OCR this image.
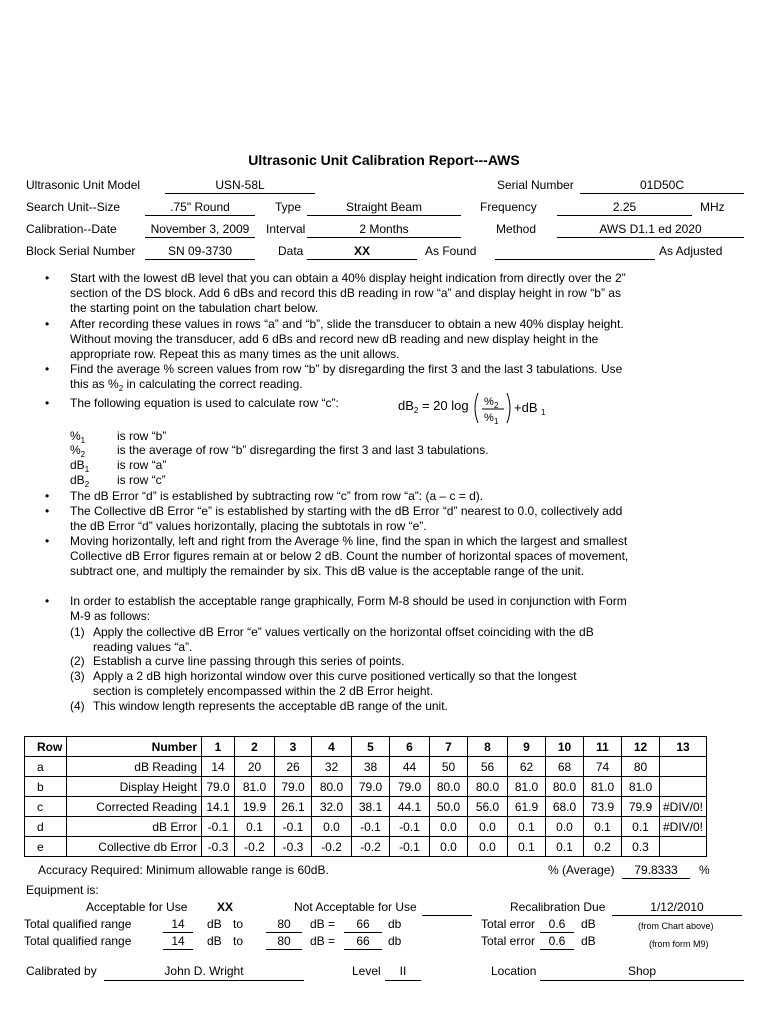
Ultrasonic Unit Calibration Report---AWS
Ultrasonic Unit Model	USN-58L	Serial Number	01D50C
Search Unit--Size	.75" Round	Type	Straight Beam	Frequency	2.25	MHz
Calibration--Date	November 3, 2009	Interval	2 Months	Method	AWS D1.1 ed 2020
Block Serial Number	SN 09-3730	Data	XX	As Found	As Adjusted
• Start with the lowest dB level that you can obtain a 40% display height indication from directly over the 2” section of the DS block. Add 6 dBs and record this dB reading in row “a” and display height in row “b” as the starting point on the tabulation chart below.
• After recording these values in rows “a” and “b”, slide the transducer to obtain a new 40% display height. Without moving the transducer, add 6 dBs and record new dB reading and new display height in the appropriate row. Repeat this as many times as the unit allows.
• Find the average % screen values from row “b” by disregarding the first 3 and the last 3 tabulations. Use this as $\%_2$ in calculating the correct reading.
• The following equation is used to calculate row “c”:	$dB_2 = 20$ log % 2
% 1
+dB 1
$\%_1$	is row “b”
$\%_2$	is the average of row “b” disregarding the first 3 and last 3 tabulations.
$dB_1$ is row “a”
$dB_2$ is row “c”
• The dB Error “d” is established by subtracting row “c” from row “a”: (a – c = d).
• The Collective dB Error “e” is established by starting with the dB Error “d” nearest to 0.0, collectively add the dB Error “d” values horizontally, placing the subtotals in row “e”.
• Moving horizontally, left and right from the Average % line, find the span in which the largest and smallest Collective dB Error figures remain at or below 2 dB. Count the number of horizontal spaces of movement, subtract one, and multiply the remainder by six. This dB value is the acceptable range of the unit.
• In order to establish the acceptable range graphically, Form M-8 should be used in conjunction with Form M-9 as follows:
(1) Apply the collective dB Error “e” values vertically on the horizontal offset coinciding with the dB reading values “a”.
(2) Establish a curve line passing through this series of points.
(3) Apply a 2 dB high horizontal window over this curve positioned vertically so that the longest section is completely encompassed within the 2 dB Error height.
(4) This window length represents the acceptable dB range of the unit.
Row	Number	1	2	3	4	5	6	7	8	9	10	11	12	13
a	dB Reading	14	20	26	32	38	44	50	56	62	68	74	80	
b	Display Height	79.0	81.0	79.0	80.0	79.0	79.0	80.0	80.0	81.0	80.0	81.0	81.0	
c	Corrected Reading	14.1	19.9	26.1	32.0	38.1	44.1	50.0	56.0	61.9	68.0	73.9	79.9	#DIV/0!
d	dB Error	-0.1	0.1	-0.1	0.0	-0.1	-0.1	0.0	0.0	0.1	0.0	0.1	0.1	#DIV/0!
e	Collective db Error	-0.3	-0.2	-0.3	-0.2	-0.2	-0.1	0.0	0.0	0.1	0.1	0.2	0.3	
Accuracy Required: Minimum allowable range is 60dB.	% (Average)	79.8333	%
Equipment is:
Acceptable for Use	XX	Not Acceptable for Use	Recalibration Due	1/12/2010
Total qualified range	14	dB to	80	dB =	66	db	Total error	0.6	dB	(from Chart above)
Total qualified range	14	dB to	80	dB =	66	db	Total error	0.6	dB	(from form M9)
Calibrated by	John D. Wright	Level	II	Location	Shop
